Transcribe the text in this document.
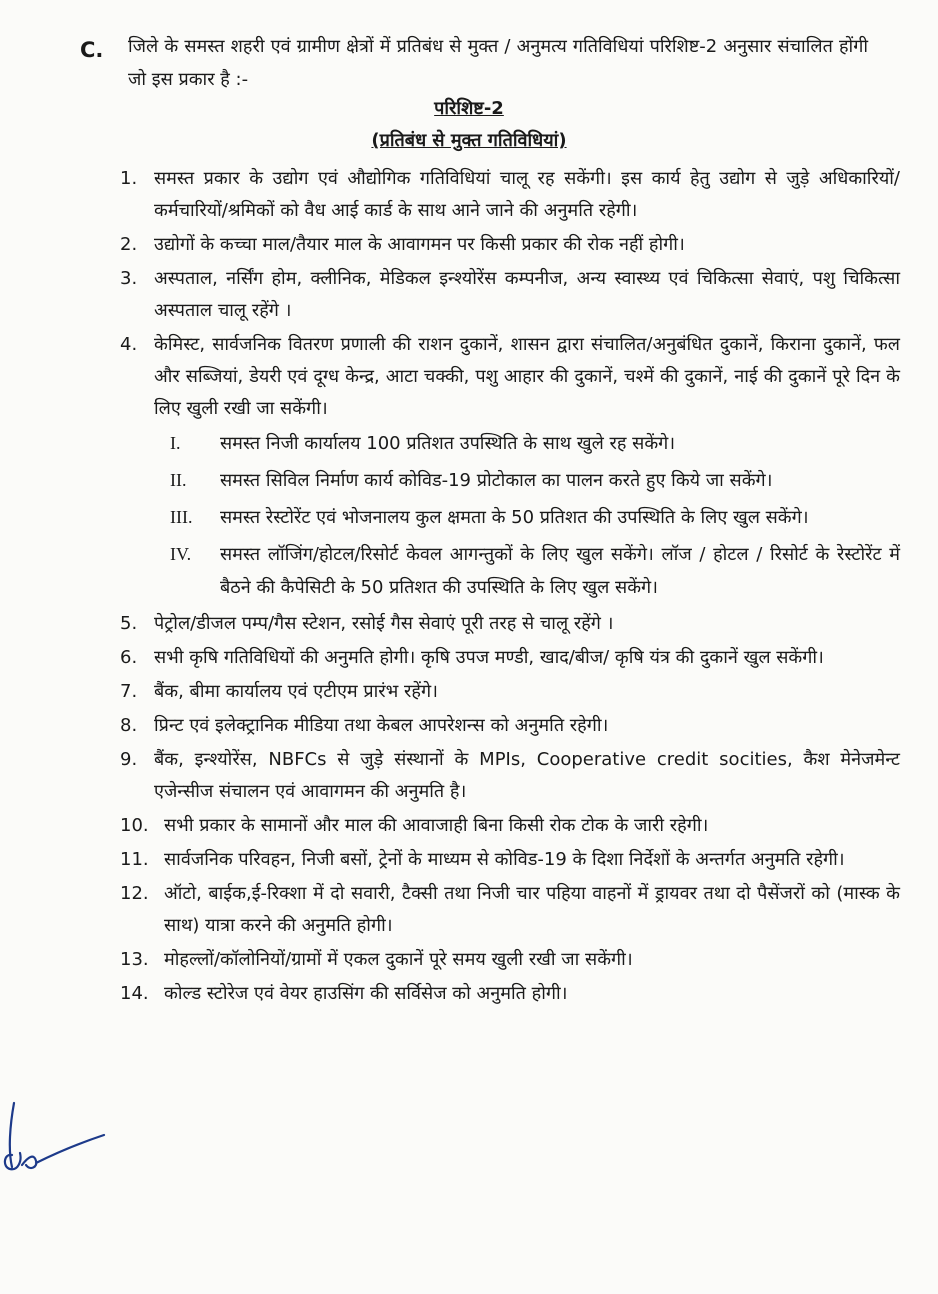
C. जिले के समस्त शहरी एवं ग्रामीण क्षेत्रों में प्रतिबंध से मुक्त / अनुमत्य गतिविधियां परिशिष्ट-2 अनुसार संचालित होंगी जो इस प्रकार है :-
परिशिष्ट-2
(प्रतिबंध से मुक्त गतिविधियां)
1. समस्त प्रकार के उद्योग एवं औद्योगिक गतिविधियां चालू रह सकेंगी। इस कार्य हेतु उद्योग से जुड़े अधिकारियों/कर्मचारियों/श्रमिकों को वैध आई कार्ड के साथ आने जाने की अनुमति रहेगी।
2. उद्योगों के कच्चा माल/तैयार माल के आवागमन पर किसी प्रकार की रोक नहीं होगी।
3. अस्पताल, नर्सिंग होम, क्लीनिक, मेडिकल इन्श्योरेंस कम्पनीज, अन्य स्वास्थ्य एवं चिकित्सा सेवाएं, पशु चिकित्सा अस्पताल चालू रहेंगे ।
4. केमिस्ट, सार्वजनिक वितरण प्रणाली की राशन दुकानें, शासन द्वारा संचालित/अनुबंधित दुकानें, किराना दुकानें, फल और सब्जियां, डेयरी एवं दूग्ध केन्द्र, आटा चक्की, पशु आहार की दुकानें, चश्में की दुकानें, नाई की दुकानें पूरे दिन के लिए खुली रखी जा सकेंगी।
I.	समस्त निजी कार्यालय 100 प्रतिशत उपस्थिति के साथ खुले रह सकेंगे।
II.	समस्त सिविल निर्माण कार्य कोविड-19 प्रोटोकाल का पालन करते हुए किये जा सकेंगे।
III.	समस्त रेस्टोरेंट एवं भोजनालय कुल क्षमता के 50 प्रतिशत की उपस्थिति के लिए खुल सकेंगे।
IV.	समस्त लॉजिंग/होटल/रिसोर्ट केवल आगन्तुकों के लिए खुल सकेंगे। लॉज / होटल / रिसोर्ट के रेस्टोरेंट में बैठने की कैपेसिटी के 50 प्रतिशत की उपस्थिति के लिए खुल सकेंगे।
5. पेट्रोल/डीजल पम्प/गैस स्टेशन, रसोई गैस सेवाएं पूरी तरह से चालू रहेंगे ।
6. सभी कृषि गतिविधियों की अनुमति होगी। कृषि उपज मण्डी, खाद/बीज/ कृषि यंत्र की दुकानें खुल सकेंगी।
7. बैंक, बीमा कार्यालय एवं एटीएम प्रारंभ रहेंगे।
8. प्रिन्ट एवं इलेक्ट्रानिक मीडिया तथा केबल आपरेशन्स को अनुमति रहेगी।
9. बैंक, इन्श्योरेंस, NBFCs से जुड़े संस्थानों के MPIs, Cooperative credit socities, कैश मेनेजमेन्ट एजेन्सीज संचालन एवं आवागमन की अनुमति है।
10. सभी प्रकार के सामानों और माल की आवाजाही बिना किसी रोक टोक के जारी रहेगी।
11. सार्वजनिक परिवहन, निजी बसों, ट्रेनों के माध्यम से कोविड-19 के दिशा निर्देशों के अन्तर्गत अनुमति रहेगी।
12. ऑटो, बाईक,ई-रिक्शा में दो सवारी, टैक्सी तथा निजी चार पहिया वाहनों में ड्रायवर तथा दो पैसेंजरों को (मास्क के साथ) यात्रा करने की अनुमति होगी।
13. मोहल्लों/कॉलोनियों/ग्रामों में एकल दुकानें पूरे समय खुली रखी जा सकेंगी।
14. कोल्ड स्टोरेज एवं वेयर हाउसिंग की सर्विसेज को अनुमति होगी।
